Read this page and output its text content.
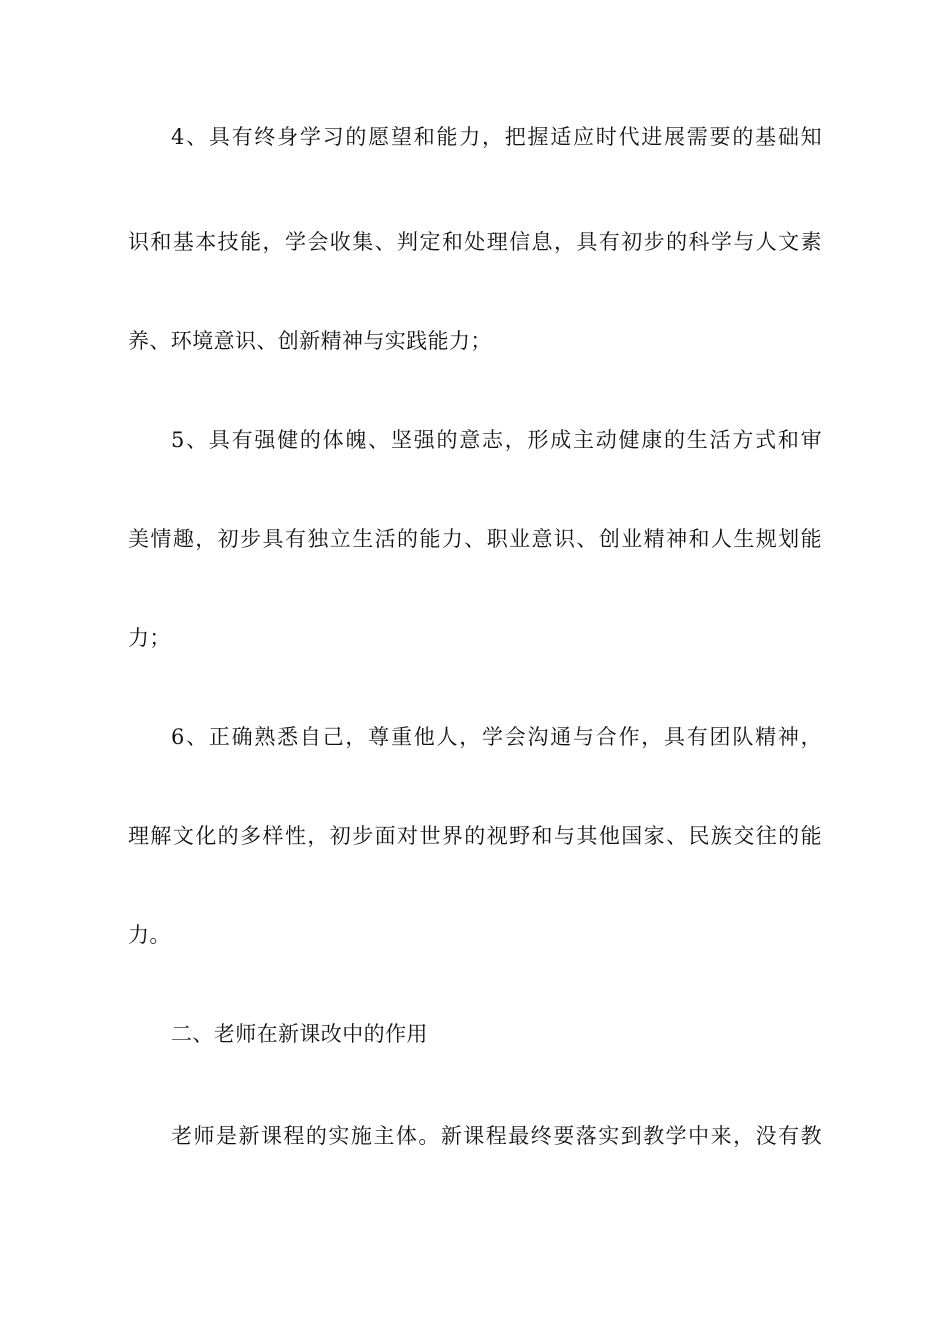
4、具有终身学习的愿望和能力，把握适应时代进展需要的基础知

识和基本技能，学会收集、判定和处理信息，具有初步的科学与人文素

养、环境意识、创新精神与实践能力；

5、具有强健的体魄、坚强的意志，形成主动健康的生活方式和审

美情趣，初步具有独立生活的能力、职业意识、创业精神和人生规划能

力；

6、正确熟悉自己，尊重他人，学会沟通与合作，具有团队精神，

理解文化的多样性，初步面对世界的视野和与其他国家、民族交往的能

力。

二、老师在新课改中的作用

老师是新课程的实施主体。新课程最终要落实到教学中来，没有教
